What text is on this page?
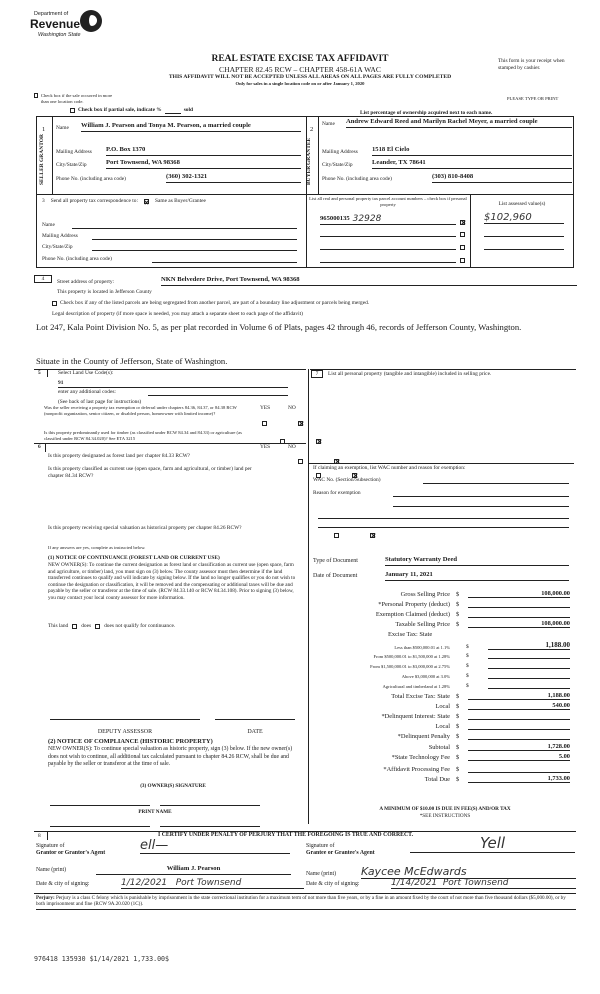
Department of
Revenue
Washington State
REAL ESTATE EXCISE TAX AFFIDAVIT
CHAPTER 82.45 RCW – CHAPTER 458-61A WAC
THIS AFFIDAVIT WILL NOT BE ACCEPTED UNLESS ALL AREAS ON ALL PAGES ARE FULLY COMPLETED
Only for sales in a single location code on or after January 1, 2020
This form is your receipt when stamped by cashier.
PLEASE TYPE OR PRINT
Check box if the sale occurred in more than one location code.
Check box if partial sale, indicate %	sold	List percentage of ownership acquired next to each name.
1
SELLER
GRANTOR
Name	William J. Pearson and Tonya M. Pearson, a married couple
Mailing Address	P.O. Box 1370
City/State/Zip	Port Townsend, WA 98368
Phone No. (including area code)	(360) 302-1321
2
BUYER
GRANTEE
Name	Andrew Edward Reed and Marilyn Rachel Meyer, a married couple
Mailing Address	1518 El Cielo
City/State/Zip	Leander, TX 78641
Phone No. (including area code)	(303) 810-8408
3 Send all property tax correspondence to:	Same as Buyer/Grantee
Name
Mailing Address
City/State/Zip
Phone No. (including area code)
List all real and personal property tax parcel account numbers – check box if personal property	List assessed value(s)
965000135 32928	$102,960
4	Street address of property:	NKN Belvedere Drive, Port Townsend, WA 98368
This property is located in Jefferson County
Check box if any of the listed parcels are being segregated from another parcel, are part of a boundary line adjustment or parcels being merged.
Legal description of property (if more space is needed, you may attach a separate sheet to each page of the affidavit)
Lot 247, Kala Point Division No. 5, as per plat recorded in Volume 6 of Plats, pages 42 through 46, records of Jefferson County, Washington.
Situate in the County of Jefferson, State of Washington.
5	Select Land Use Code(s):
91
enter any additional codes:
(See back of last page for instructions)
YES	NO
Was the seller receiving a property tax exemption or deferral under chapters 84.36, 84.37, or 84.38 RCW (nonprofit organization, senior citizen, or disabled person, homeowner with limited income)?

Is this property predominantly used for timber (as classified under RCW 84.34 and 84.33) or agriculture (as classified under RCW 84.34.020)? See ETA 3215

6	YES	NO
Is this property designated as forest land per chapter 84.33 RCW?

Is this property classified as current use (open space, farm and agricultural, or timber) land per chapter 84.34 RCW?

Is this property receiving special valuation as historical property per chapter 84.26 RCW?

If any answers are yes, complete as instructed below.
(1) NOTICE OF CONTINUANCE (FOREST LAND OR CURRENT USE)
NEW OWNER(S): To continue the current designation as forest land or classification as current use (open space, farm and agriculture, or timber) land, you must sign on (3) below. The county assessor must then determine if the land transferred continues to qualify and will indicate by signing below. If the land no longer qualifies or you do not wish to continue the designation or classification, it will be removed and the compensating or additional taxes will be due and payable by the seller or transferor at the time of sale. (RCW 84.33.140 or RCW 84.34.108). Prior to signing (3) below, you may contact your local county assessor for more information.
This land does does not qualify for continuance.
DEPUTY ASSESSOR	DATE
(2) NOTICE OF COMPLIANCE (HISTORIC PROPERTY)
NEW OWNER(S): To continue special valuation as historic property, sign (3) below. If the new owner(s) does not wish to continue, all additional tax calculated pursuant to chapter 84.26 RCW, shall be due and payable by the seller or transferor at the time of sale.
(3) OWNER(S) SIGNATURE
PRINT NAME
7	List all personal property (tangible and intangible) included in selling price.
If claiming an exemption, list WAC number and reason for exemption:
WAC No. (Section/Subsection)
Reason for exemption
Type of Document	Statutory Warranty Deed
Date of Document	January 11, 2021
Gross Selling Price $	108,000.00
*Personal Property (deduct) $
Exemption Claimed (deduct) $
Taxable Selling Price $	108,000.00
Excise Tax: State
Less than $500,000.01 at 1.1%	$	1,188.00
From $500,000.01 to $1,500,000 at 1.28%	$
From $1,500,000.01 to $3,000,000 at 2.75%	$
Above $3,000,000 at 3.0%	$
Agricultural and timberland at 1.28%	$
Total Excise Tax: State $	1,188.00
Local $	540.00
*Delinquent Interest: State $
Local $
*Delinquent Penalty $
Subtotal $	1,728.00
*State Technology Fee $	5.00
*Affidavit Processing Fee $
Total Due $	1,733.00
A MINIMUM OF $10.00 IS DUE IN FEE(S) AND/OR TAX
*SEE INSTRUCTIONS
8	I CERTIFY UNDER PENALTY OF PERJURY THAT THE FOREGOING IS TRUE AND CORRECT.
Signature of
Grantor or Grantor's Agent	ell—
Name (print)	William J. Pearson
Date & city of signing:	1/12/2021   Port Townsend
Signature of
Grantee or Grantee's Agent
Yell
Name (print)	Kaycee McEdwards
Date & city of signing:	1/14/2021  Port Townsend
Perjury: Perjury is a class C felony which is punishable by imprisonment in the state correctional institution for a maximum term of not more than five years, or by a fine in an amount fixed by the court of not more than five thousand dollars ($5,000.00), or by both imprisonment and fine (RCW 9A.20.020 (1C)).
976418 135930 $1/14/2021 1,733.00$
